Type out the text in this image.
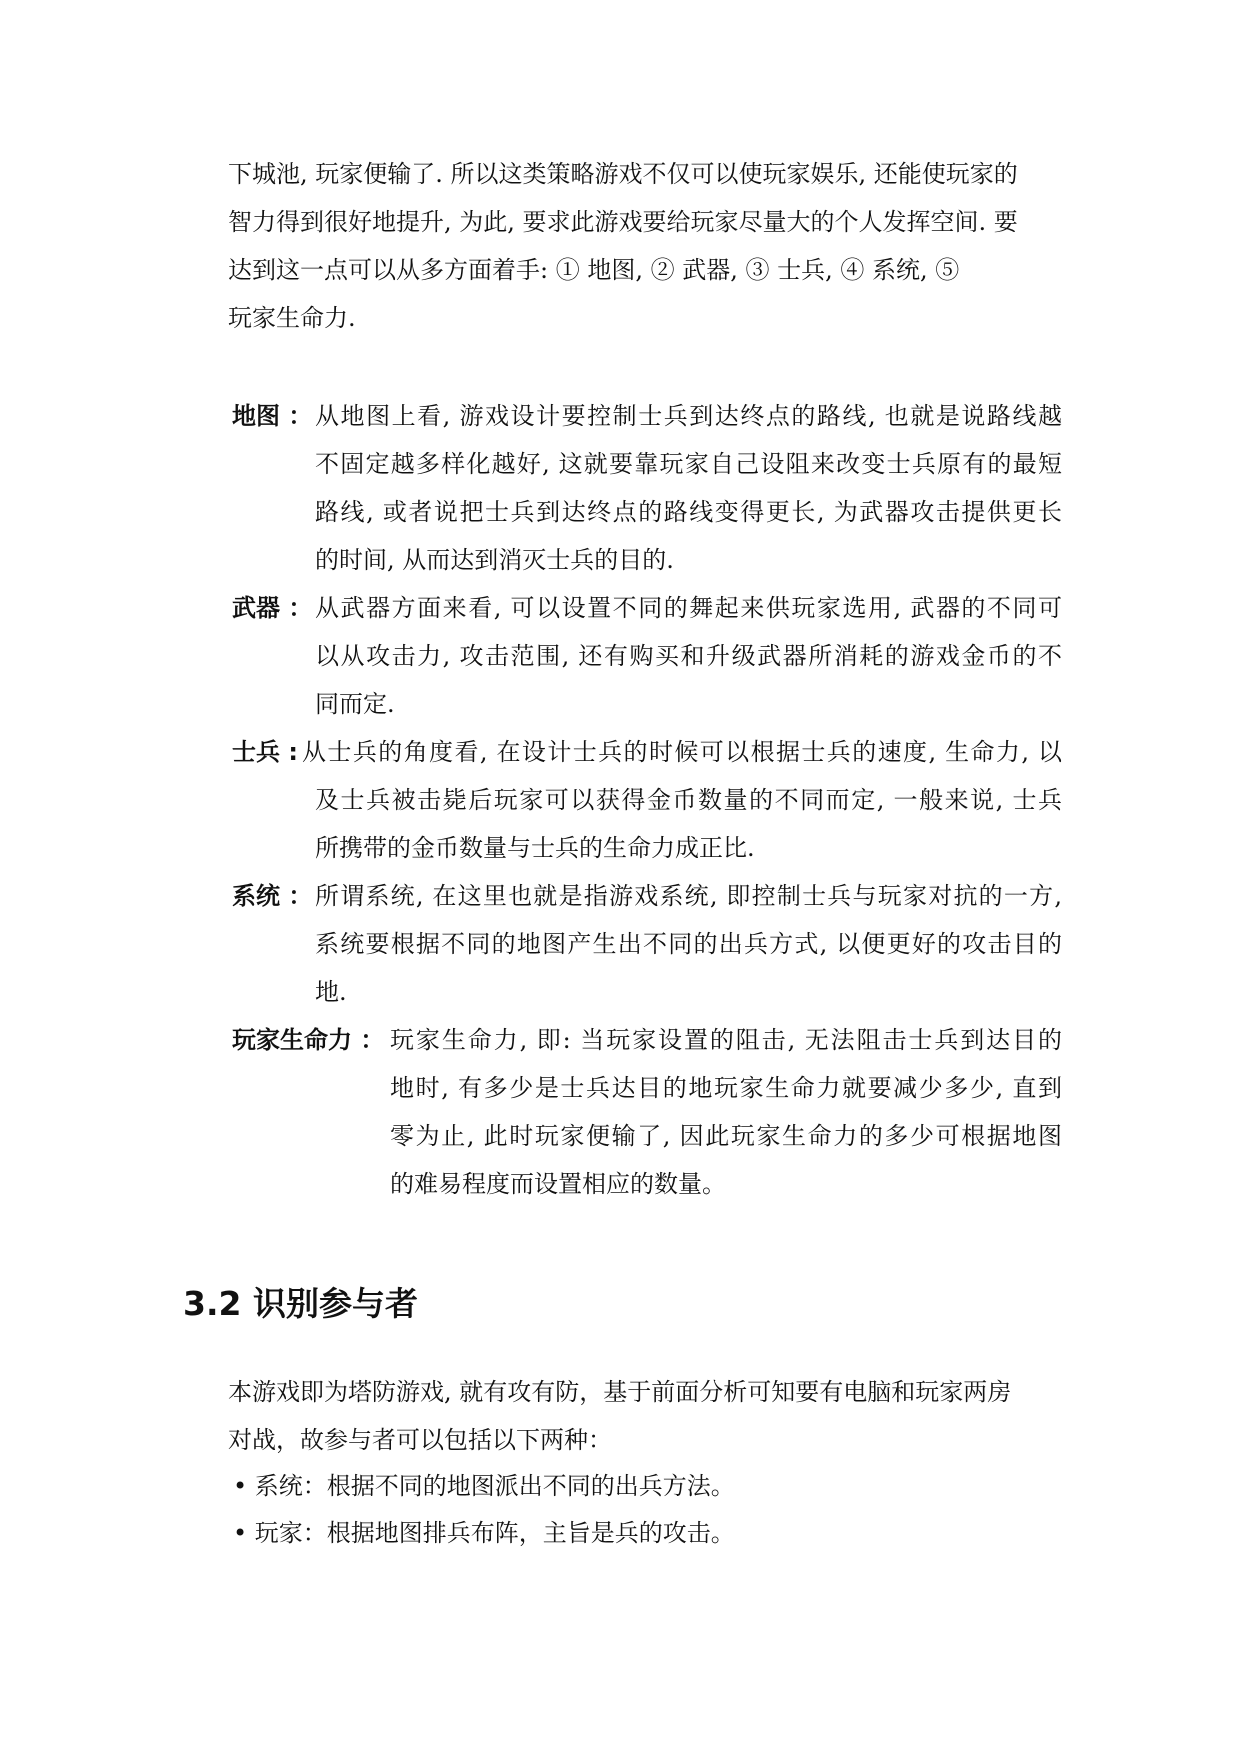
下城池, 玩家便输了. 所以这类策略游戏不仅可以使玩家娱乐, 还能使玩家的
智力得到很好地提升, 为此, 要求此游戏要给玩家尽量大的个人发挥空间. 要
达到这一点可以从多方面着手: ① 地图, ② 武器, ③ 士兵, ④ 系统, ⑤
玩家生命力.
地图 ： 从地图上看, 游戏设计要控制士兵到达终点的路线, 也就是说路线越
不固定越多样化越好, 这就要靠玩家自己设阻来改变士兵原有的最短
路线, 或者说把士兵到达终点的路线变得更长, 为武器攻击提供更长
的时间, 从而达到消灭士兵的目的.
武器 ： 从武器方面来看, 可以设置不同的舞起来供玩家选用, 武器的不同可
以从攻击力, 攻击范围, 还有购买和升级武器所消耗的游戏金币的不
同而定.
士兵 : 从士兵的角度看, 在设计士兵的时候可以根据士兵的速度, 生命力, 以
及士兵被击毙后玩家可以获得金币数量的不同而定, 一般来说, 士兵
所携带的金币数量与士兵的生命力成正比.
系统 ： 所谓系统, 在这里也就是指游戏系统, 即控制士兵与玩家对抗的一方,
系统要根据不同的地图产生出不同的出兵方式, 以便更好的攻击目的
地.
玩家生命力 ： 玩家生命力, 即: 当玩家设置的阻击, 无法阻击士兵到达目的
地时, 有多少是士兵达目的地玩家生命力就要减少多少, 直到
零为止, 此时玩家便输了, 因此玩家生命力的多少可根据地图
的难易程度而设置相应的数量。
3.2 识别参与者
本游戏即为塔防游戏, 就有攻有防，基于前面分析可知要有电脑和玩家两房
对战，故参与者可以包括以下两种：
• 系统：根据不同的地图派出不同的出兵方法。
• 玩家：根据地图排兵布阵，主旨是兵的攻击。
